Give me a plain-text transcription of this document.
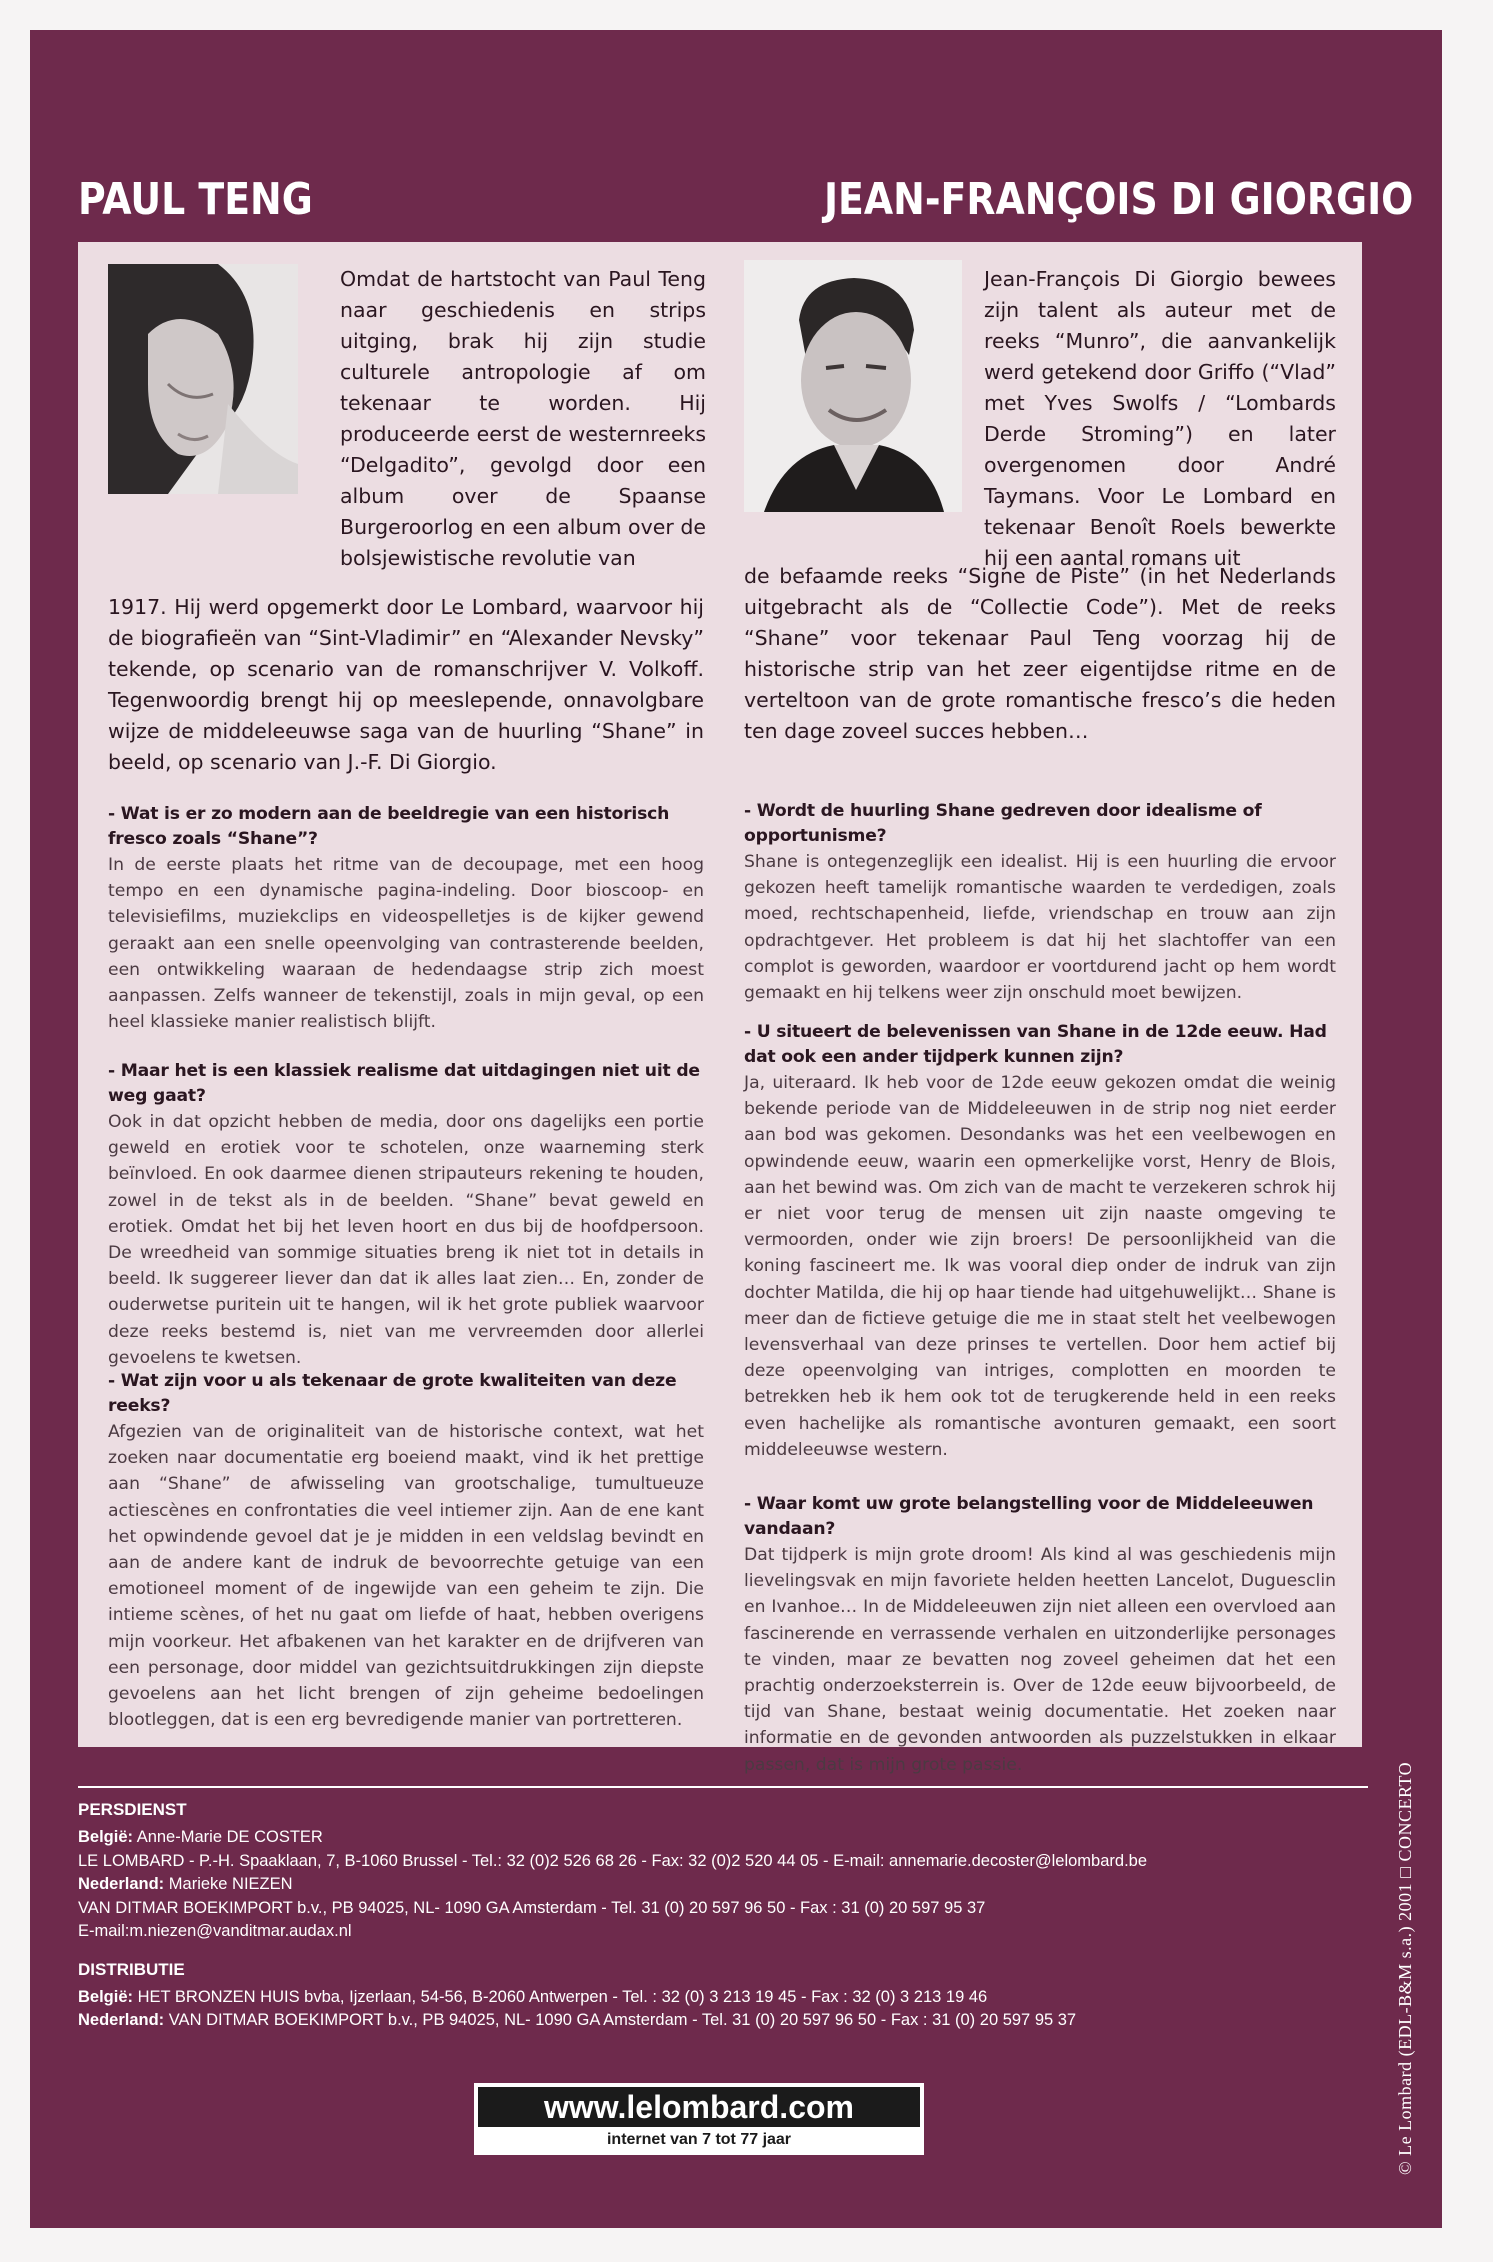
PAUL TENG	JEAN-FRANÇOIS DI GIORGIO

Omdat de hartstocht van Paul Teng naar geschiedenis en strips uitging, brak hij zijn studie culturele antropologie af om tekenaar te worden. Hij produceerde eerst de westernreeks “Delgadito”, gevolgd door een album over de Spaanse Burgeroorlog en een album over de bolsjewistische revolutie van

1917. Hij werd opgemerkt door Le Lombard, waarvoor hij de biografieën van “Sint-Vladimir” en “Alexander Nevsky” tekende, op scenario van de romanschrijver V. Volkoff. Tegenwoordig brengt hij op meeslepende, onnavolgbare wijze de middeleeuwse saga van de huurling “Shane” in beeld, op scenario van J.-F. Di Giorgio.

- Wat is er zo modern aan de beeldregie van een historisch fresco zoals “Shane”?

In de eerste plaats het ritme van de decoupage, met een hoog tempo en een dynamische pagina-indeling. Door bioscoop- en televisiefilms, muziekclips en videospelletjes is de kijker gewend geraakt aan een snelle opeenvolging van contrasterende beelden, een ontwikkeling waaraan de hedendaagse strip zich moest aanpassen. Zelfs wanneer de tekenstijl, zoals in mijn geval, op een heel klassieke manier realistisch blijft.

- Maar het is een klassiek realisme dat uitdagingen niet uit de weg gaat?

Ook in dat opzicht hebben de media, door ons dagelijks een portie geweld en erotiek voor te schotelen, onze waarneming sterk beïnvloed. En ook daarmee dienen stripauteurs rekening te houden, zowel in de tekst als in de beelden. “Shane” bevat geweld en erotiek. Omdat het bij het leven hoort en dus bij de hoofdpersoon. De wreedheid van sommige situaties breng ik niet tot in details in beeld. Ik suggereer liever dan dat ik alles laat zien… En, zonder de ouderwetse puritein uit te hangen, wil ik het grote publiek waarvoor deze reeks bestemd is, niet van me vervreemden door allerlei gevoelens te kwetsen.

- Wat zijn voor u als tekenaar de grote kwaliteiten van deze reeks?

Afgezien van de originaliteit van de historische context, wat het zoeken naar documentatie erg boeiend maakt, vind ik het prettige aan “Shane” de afwisseling van grootschalige, tumultueuze actiescènes en confrontaties die veel intiemer zijn. Aan de ene kant het opwindende gevoel dat je je midden in een veldslag bevindt en aan de andere kant de indruk de bevoorrechte getuige van een emotioneel moment of de ingewijde van een geheim te zijn. Die intieme scènes, of het nu gaat om liefde of haat, hebben overigens mijn voorkeur. Het afbakenen van het karakter en de drijfveren van een personage, door middel van gezichtsuitdrukkingen zijn diepste gevoelens aan het licht brengen of zijn geheime bedoelingen blootleggen, dat is een erg bevredigende manier van portretteren.

Jean-François Di Giorgio bewees zijn talent als auteur met de reeks “Munro”, die aanvankelijk werd getekend door Griffo (“Vlad” met Yves Swolfs / “Lombards Derde Stroming”) en later overgenomen door André Taymans. Voor Le Lombard en tekenaar Benoît Roels bewerkte hij een aantal romans uit

de befaamde reeks “Signe de Piste” (in het Nederlands uitgebracht als de “Collectie Code”). Met de reeks “Shane” voor tekenaar Paul Teng voorzag hij de historische strip van het zeer eigentijdse ritme en de verteltoon van de grote romantische fresco’s die heden ten dage zoveel succes hebben…

- Wordt de huurling Shane gedreven door idealisme of opportunisme?

Shane is ontegenzeglijk een idealist. Hij is een huurling die ervoor gekozen heeft tamelijk romantische waarden te verdedigen, zoals moed, rechtschapenheid, liefde, vriendschap en trouw aan zijn opdrachtgever. Het probleem is dat hij het slachtoffer van een complot is geworden, waardoor er voortdurend jacht op hem wordt gemaakt en hij telkens weer zijn onschuld moet bewijzen.

- U situeert de belevenissen van Shane in de 12de eeuw. Had dat ook een ander tijdperk kunnen zijn?

Ja, uiteraard. Ik heb voor de 12de eeuw gekozen omdat die weinig bekende periode van de Middeleeuwen in de strip nog niet eerder aan bod was gekomen. Desondanks was het een veelbewogen en opwindende eeuw, waarin een opmerkelijke vorst, Henry de Blois, aan het bewind was. Om zich van de macht te verzekeren schrok hij er niet voor terug de mensen uit zijn naaste omgeving te vermoorden, onder wie zijn broers! De persoonlijkheid van die koning fascineert me. Ik was vooral diep onder de indruk van zijn dochter Matilda, die hij op haar tiende had uitgehuwelijkt… Shane is meer dan de fictieve getuige die me in staat stelt het veelbewogen levensverhaal van deze prinses te vertellen. Door hem actief bij deze opeenvolging van intriges, complotten en moorden te betrekken heb ik hem ook tot de terugkerende held in een reeks even hachelijke als romantische avonturen gemaakt, een soort middeleeuwse western.

- Waar komt uw grote belangstelling voor de Middeleeuwen vandaan?

Dat tijdperk is mijn grote droom! Als kind al was geschiedenis mijn lievelingsvak en mijn favoriete helden heetten Lancelot, Duguesclin en Ivanhoe… In de Middeleeuwen zijn niet alleen een overvloed aan fascinerende en verrassende verhalen en uitzonderlijke personages te vinden, maar ze bevatten nog zoveel geheimen dat het een prachtig onderzoeksterrein is. Over de 12de eeuw bijvoorbeeld, de tijd van Shane, bestaat weinig documentatie. Het zoeken naar informatie en de gevonden antwoorden als puzzelstukken in elkaar passen, dat is mijn grote passie.

PERSDIENST

België: Anne-Marie DE COSTER

LE LOMBARD - P.-H. Spaaklaan, 7, B-1060 Brussel - Tel.: 32 (0)2 526 68 26 - Fax: 32 (0)2 520 44 05 - E-mail: annemarie.decoster@lelombard.be

Nederland: Marieke NIEZEN

VAN DITMAR BOEKIMPORT b.v., PB 94025, NL- 1090 GA Amsterdam - Tel. 31 (0) 20 597 96 50 - Fax : 31 (0) 20 597 95 37

E-mail:m.niezen@vanditmar.audax.nl

DISTRIBUTIE

België: HET BRONZEN HUIS bvba, Ijzerlaan, 54-56, B-2060 Antwerpen - Tel. : 32 (0) 3 213 19 45 - Fax : 32 (0) 3 213 19 46

Nederland: VAN DITMAR BOEKIMPORT b.v., PB 94025, NL- 1090 GA Amsterdam - Tel. 31 (0) 20 597 96 50 - Fax : 31 (0) 20 597 95 37

www.lelombard.com
internet van 7 tot 77 jaar	© Le Lombard (EDL-B&M s.a.) 2001 □ CONCERTO
